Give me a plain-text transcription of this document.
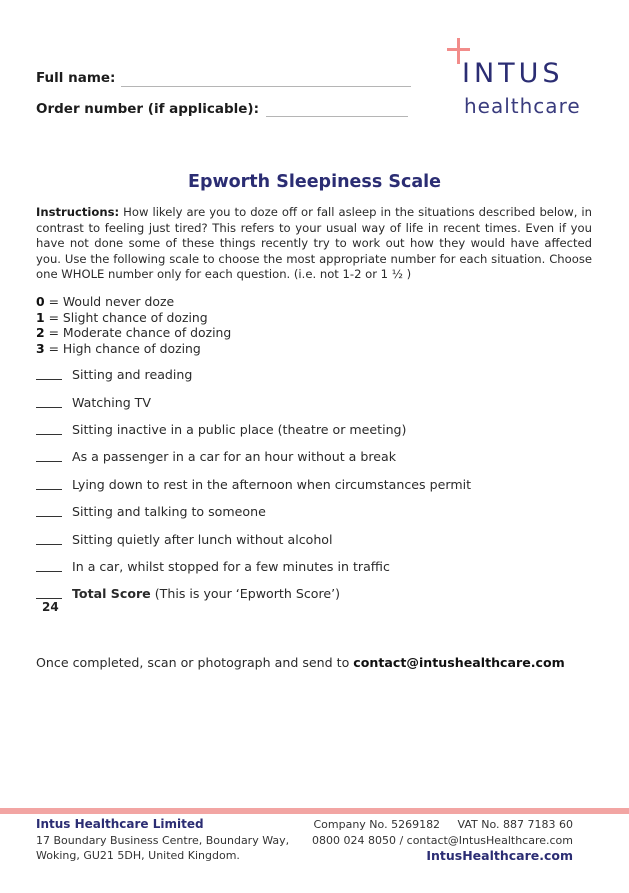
Full name:
Order number (if applicable):
INTUS
healthcare
Epworth Sleepiness Scale
Instructions: How likely are you to doze off or fall asleep in the situations described below, in contrast to feeling just tired? This refers to your usual way of life in recent times. Even if you have not done some of these things recently try to work out how they would have affected you. Use the following scale to choose the most appropriate number for each situation. Choose one WHOLE number only for each question. (i.e. not 1-2 or 1 ½ )
0 = Would never doze
1 = Slight chance of dozing
2 = Moderate chance of dozing
3 = High chance of dozing
Sitting and reading
Watching TV
Sitting inactive in a public place (theatre or meeting)
As a passenger in a car for an hour without a break
Lying down to rest in the afternoon when circumstances permit
Sitting and talking to someone
Sitting quietly after lunch without alcohol
In a car, whilst stopped for a few minutes in traffic
24
Total Score (This is your ‘Epworth Score’)
Once completed, scan or photograph and send to contact@intushealthcare.com
Intus Healthcare Limited
17 Boundary Business Centre, Boundary Way,
Woking, GU21 5DH, United Kingdom.
Company No. 5269182     VAT No. 887 7183 60
0800 024 8050 / contact@IntusHealthcare.com
IntusHealthcare.com
